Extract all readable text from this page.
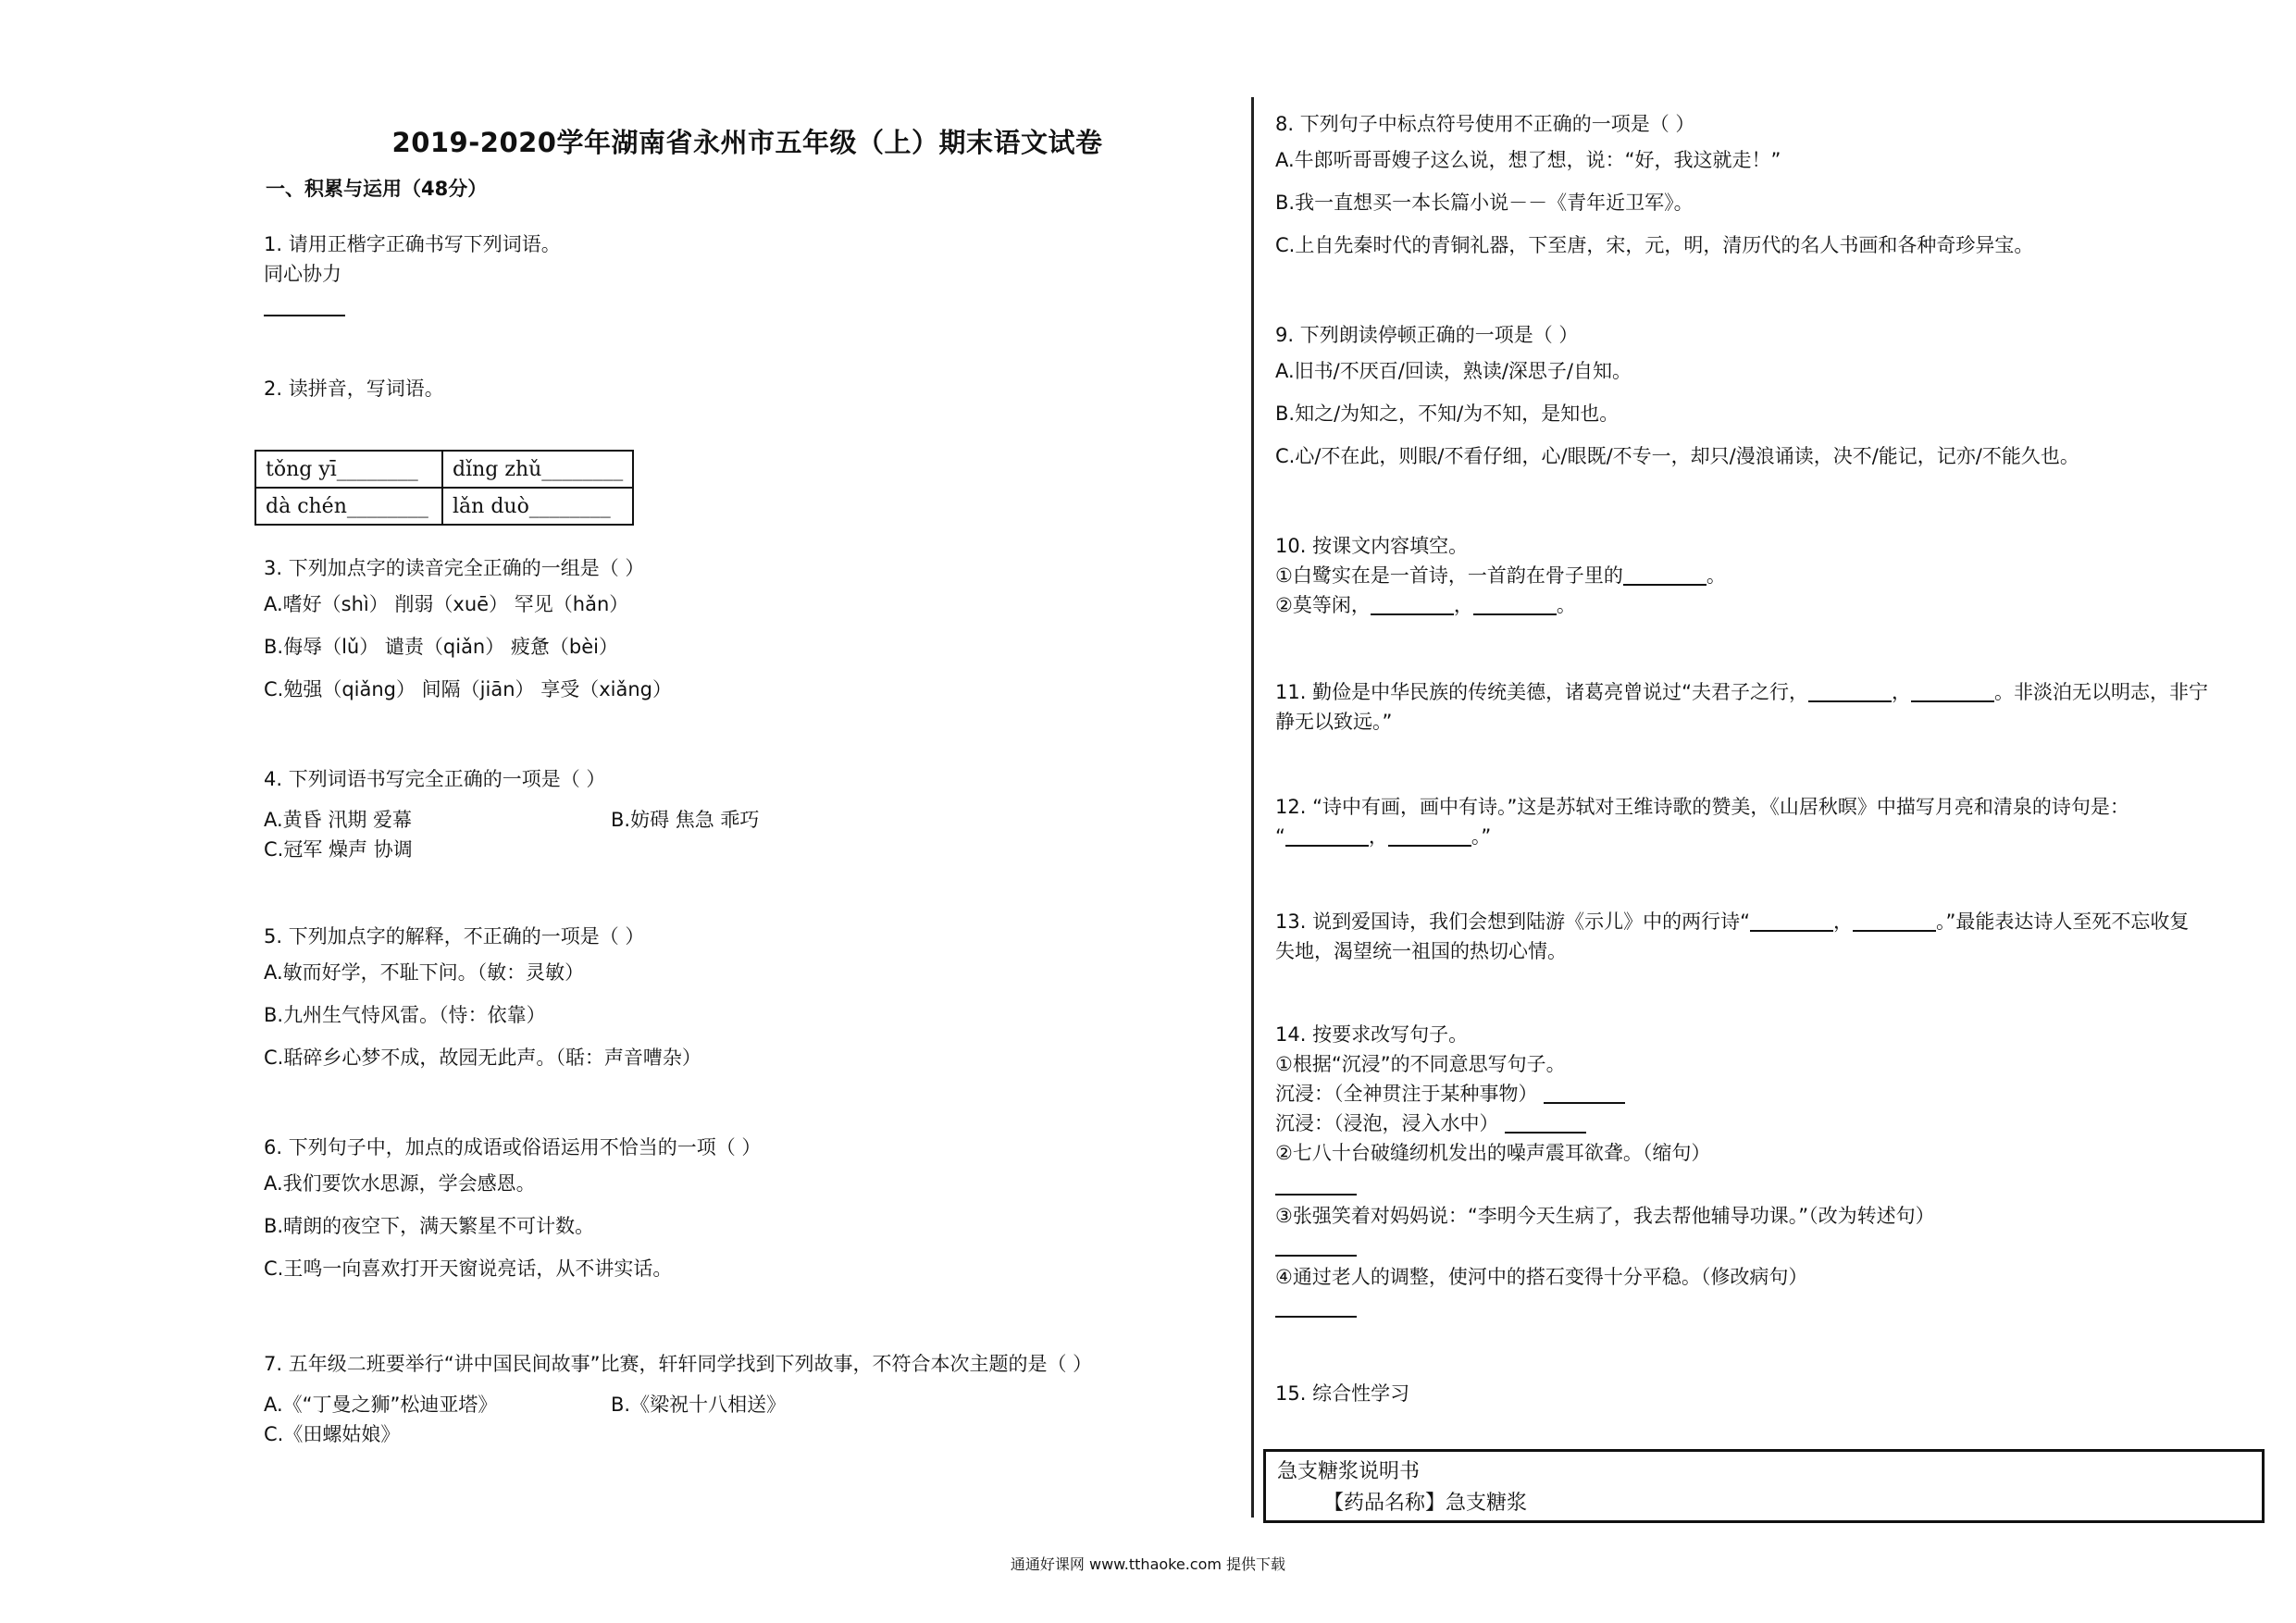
2019-2020学年湖南省永州市五年级（上）期末语文试卷
一、积累与运用（48分）
1. 请用正楷字正确书写下列词语。
同心协力
2. 读拼音，写词语。
3. 下列加点字的读音完全正确的一组是（ ）
A.嗜好（shì） 削弱（xuē） 罕见（hǎn）
B.侮辱（lǔ） 谴责（qiǎn） 疲惫（bèi）
C.勉强（qiǎng） 间隔（jiān） 享受（xiǎng）
4. 下列词语书写完全正确的一项是（ ）
A.黄昏 汛期 爱幕	B.妨碍 焦急 乖巧
C.冠军 燥声 协调
5. 下列加点字的解释，不正确的一项是（ ）
A.敏而好学，不耻下问。（敏：灵敏）
B.九州生气恃风雷。（恃：依靠）
C.聒碎乡心梦不成，故园无此声。（聒：声音嘈杂）
6. 下列句子中，加点的成语或俗语运用不恰当的一项（ ）
A.我们要饮水思源，学会感恩。
B.晴朗的夜空下，满天繁星不可计数。
C.王鸣一向喜欢打开天窗说亮话，从不讲实话。
7. 五年级二班要举行“讲中国民间故事”比赛，轩轩同学找到下列故事，不符合本次主题的是（ ）
A.《“丁曼之狮”松迪亚塔》	B.《梁祝十八相送》
C.《田螺姑娘》
tǒng yī________	dǐng zhǔ________
dà chén________	lǎn duò________
8. 下列句子中标点符号使用不正确的一项是（ ）
A.牛郎听哥哥嫂子这么说，想了想，说：“好，我这就走！”
B.我一直想买一本长篇小说－－《青年近卫军》。
C.上自先秦时代的青铜礼器，下至唐，宋，元，明，清历代的名人书画和各种奇珍异宝。
9. 下列朗读停顿正确的一项是（ ）
A.旧书/不厌百/回读，熟读/深思子/自知。
B.知之/为知之，不知/为不知，是知也。
C.心/不在此，则眼/不看仔细，心/眼既/不专一，却只/漫浪诵读，决不/能记，记亦/不能久也。
10. 按课文内容填空。
①白鹭实在是一首诗，一首韵在骨子里的	。
②莫等闲，	，	。
11. 勤俭是中华民族的传统美德，诸葛亮曾说过“夫君子之行，	，	。非淡泊无以明志，非宁
静无以致远。”
12. “诗中有画，画中有诗。”这是苏轼对王维诗歌的赞美，《山居秋暝》中描写月亮和清泉的诗句是：
“	，	。”
13. 说到爱国诗，我们会想到陆游《示儿》中的两行诗“	，	。”最能表达诗人至死不忘收复
失地，渴望统一祖国的热切心情。
14. 按要求改写句子。
①根据“沉浸”的不同意思写句子。
沉浸：（全神贯注于某种事物）
沉浸：（浸泡，浸入水中）
②七八十台破缝纫机发出的噪声震耳欲聋。（缩句）
③张强笑着对妈妈说：“李明今天生病了，我去帮他辅导功课。”（改为转述句）
④通过老人的调整，使河中的搭石变得十分平稳。（修改病句）
15. 综合性学习
急支糖浆说明书
【药品名称】急支糖浆
通通好课网 www.tthaoke.com 提供下载
